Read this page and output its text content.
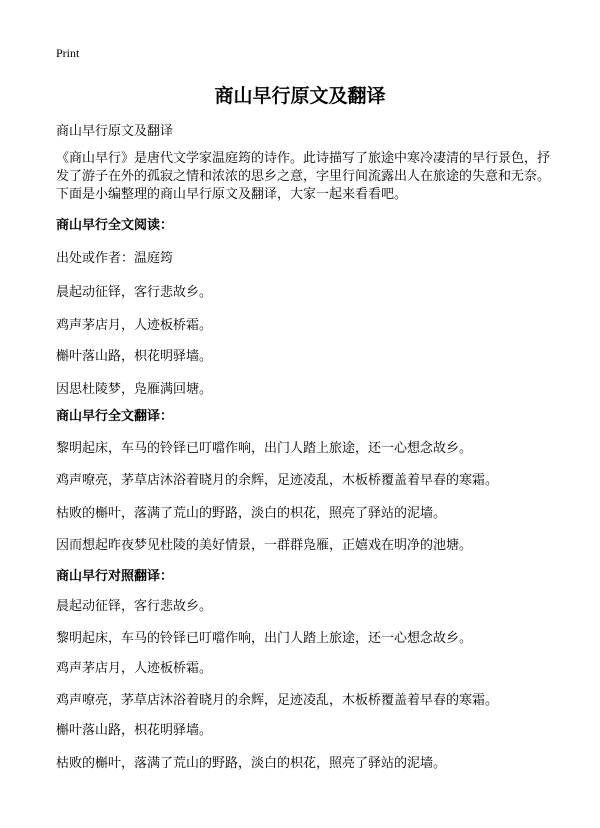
Print
商山早行原文及翻译
商山早行原文及翻译

《商山早行》是唐代文学家温庭筠的诗作。此诗描写了旅途中寒冷凄清的早行景色，抒发了游子在外的孤寂之情和浓浓的思乡之意，字里行间流露出人在旅途的失意和无奈。下面是小编整理的商山早行原文及翻译，大家一起来看看吧。

商山早行全文阅读：
出处或作者：温庭筠
晨起动征铎，客行悲故乡。
鸡声茅店月，人迹板桥霜。
槲叶落山路，枳花明驿墙。
因思杜陵梦，凫雁满回塘。
商山早行全文翻译：
黎明起床，车马的铃铎已叮噹作响，出门人踏上旅途，还一心想念故乡。
鸡声嘹亮，茅草店沐浴着晓月的余辉，足迹凌乱，木板桥覆盖着早春的寒霜。
枯败的槲叶，落满了荒山的野路，淡白的枳花，照亮了驿站的泥墙。
因而想起昨夜梦见杜陵的美好情景，一群群凫雁，正嬉戏在明净的池塘。
商山早行对照翻译：
晨起动征铎，客行悲故乡。
黎明起床，车马的铃铎已叮噹作响，出门人踏上旅途，还一心想念故乡。
鸡声茅店月，人迹板桥霜。
鸡声嘹亮，茅草店沐浴着晓月的余辉，足迹凌乱，木板桥覆盖着早春的寒霜。
槲叶落山路，枳花明驿墙。
枯败的槲叶，落满了荒山的野路，淡白的枳花，照亮了驿站的泥墙。
